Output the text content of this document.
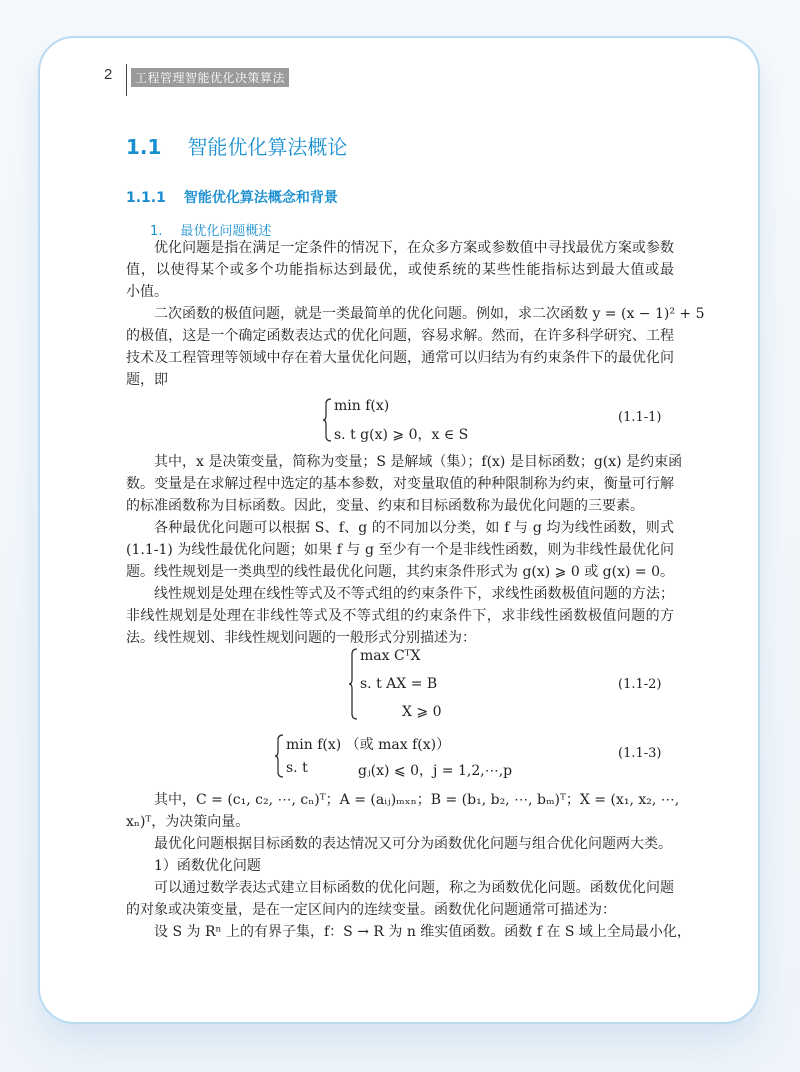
2	工程管理智能优化决策算法
1.1 智能优化算法概论
1.1.1 智能优化算法概念和背景
1. 最优化问题概述
优化问题是指在满足一定条件的情况下，在众多方案或参数值中寻找最优方案或参数
值，以使得某个或多个功能指标达到最优，或使系统的某些性能指标达到最大值或最
小值。
二次函数的极值问题，就是一类最简单的优化问题。例如，求二次函数 y = (x − 1)² + 5
的极值，这是一个确定函数表达式的优化问题，容易求解。然而，在许多科学研究、工程
技术及工程管理等领域中存在着大量优化问题，通常可以归结为有约束条件下的最优化问
题，即
min f(x)
s. t g(x) ⩾ 0，x ∈ S
(1.1-1)
其中，x 是决策变量，简称为变量；S 是解域（集）；f(x) 是目标函数；g(x) 是约束函
数。变量是在求解过程中选定的基本参数，对变量取值的种种限制称为约束，衡量可行解
的标准函数称为目标函数。因此，变量、约束和目标函数称为最优化问题的三要素。
各种最优化问题可以根据 S、f、g 的不同加以分类，如 f 与 g 均为线性函数，则式
(1.1-1) 为线性最优化问题；如果 f 与 g 至少有一个是非线性函数，则为非线性最优化问
题。线性规划是一类典型的线性最优化问题，其约束条件形式为 g(x) ⩾ 0 或 g(x) = 0。
线性规划是处理在线性等式及不等式组的约束条件下，求线性函数极值问题的方法；
非线性规划是处理在非线性等式及不等式组的约束条件下，求非线性函数极值问题的方
法。线性规划、非线性规划问题的一般形式分别描述为：
max CᵀX
s. t AX = B
X ⩾ 0
(1.1-2)
min f(x) （或 max f(x)）
s. t	gⱼ(x) ⩽ 0，j = 1,2,⋯,p
(1.1-3)
其中，C = (c₁, c₂, ⋯, cₙ)ᵀ；A = (aᵢⱼ)ₘₓₙ；B = (b₁, b₂, ⋯, bₘ)ᵀ；X = (x₁, x₂, ⋯,
xₙ)ᵀ，为决策向量。
最优化问题根据目标函数的表达情况又可分为函数优化问题与组合优化问题两大类。
1）函数优化问题
可以通过数学表达式建立目标函数的优化问题，称之为函数优化问题。函数优化问题
的对象或决策变量，是在一定区间内的连续变量。函数优化问题通常可描述为：
设 S 为 Rⁿ 上的有界子集，f：S → R 为 n 维实值函数。函数 f 在 S 域上全局最小化，
